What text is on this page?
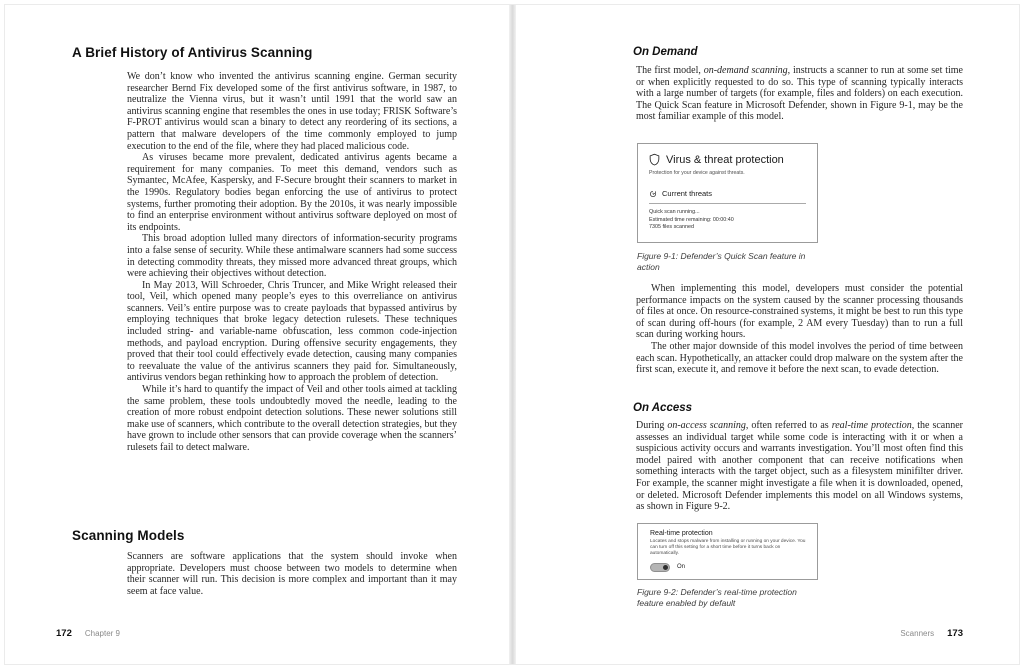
A Brief History of Antivirus Scanning

We don’t know who invented the antivirus scanning engine. German security researcher Bernd Fix developed some of the first antivirus software, in 1987, to neutralize the Vienna virus, but it wasn’t until 1991 that the world saw an antivirus scanning engine that resembles the ones in use today; FRISK Software’s F-PROT antivirus would scan a binary to detect any reordering of its sections, a pattern that malware developers of the time commonly employed to jump execution to the end of the file, where they had placed malicious code.

As viruses became more prevalent, dedicated antivirus agents became a requirement for many companies. To meet this demand, vendors such as Symantec, McAfee, Kaspersky, and F-Secure brought their scanners to market in the 1990s. Regulatory bodies began enforcing the use of antivirus to protect systems, further promoting their adoption. By the 2010s, it was nearly impossible to find an enterprise environment without antivirus software deployed on most of its endpoints.

This broad adoption lulled many directors of information-security programs into a false sense of security. While these antimalware scanners had some success in detecting commodity threats, they missed more advanced threat groups, which were achieving their objectives without detection.

In May 2013, Will Schroeder, Chris Truncer, and Mike Wright released their tool, Veil, which opened many people’s eyes to this overreliance on antivirus scanners. Veil’s entire purpose was to create payloads that bypassed antivirus by employing techniques that broke legacy detection rulesets. These techniques included string- and variable-name obfuscation, less common code-injection methods, and payload encryption. During offensive security engagements, they proved that their tool could effectively evade detection, causing many companies to reevaluate the value of the antivirus scanners they paid for. Simultaneously, antivirus vendors began rethinking how to approach the problem of detection.

While it’s hard to quantify the impact of Veil and other tools aimed at tackling the same problem, these tools undoubtedly moved the needle, leading to the creation of more robust endpoint detection solutions. These newer solutions still make use of scanners, which contribute to the overall detection strategies, but they have grown to include other sensors that can provide coverage when the scanners’ rulesets fail to detect malware.

Scanning Models

Scanners are software applications that the system should invoke when appropriate. Developers must choose between two models to determine when their scanner will run. This decision is more complex and important than it may seem at face value.

172 Chapter 9
On Demand

The first model, on-demand scanning, instructs a scanner to run at some set time or when explicitly requested to do so. This type of scanning typically interacts with a large number of targets (for example, files and folders) on each execution. The Quick Scan feature in Microsoft Defender, shown in Figure 9-1, may be the most familiar example of this model.

Virus & threat protection
Protection for your device against threats.
Current threats
Quick scan running...
Estimated time remaining: 00:00:40
7305 files scanned
Figure 9-1: Defender’s Quick Scan feature in action

When implementing this model, developers must consider the potential performance impacts on the system caused by the scanner processing thousands of files at once. On resource-constrained systems, it might be best to run this type of scan during off-hours (for example, 2 AM every Tuesday) than to run a full scan during working hours.

The other major downside of this model involves the period of time between each scan. Hypothetically, an attacker could drop malware on the system after the first scan, execute it, and remove it before the next scan, to evade detection.

On Access

During on-access scanning, often referred to as real-time protection, the scanner assesses an individual target while some code is interacting with it or when a suspicious activity occurs and warrants investigation. You’ll most often find this model paired with another component that can receive notifications when something interacts with the target object, such as a filesystem minifilter driver. For example, the scanner might investigate a file when it is downloaded, opened, or deleted. Microsoft Defender implements this model on all Windows systems, as shown in Figure 9-2.

Real-time protection
Locates and stops malware from installing or running on your device. You can turn off this setting for a short time before it turns back on automatically.
On
Figure 9-2: Defender’s real-time protection feature enabled by default
Scanners 173
